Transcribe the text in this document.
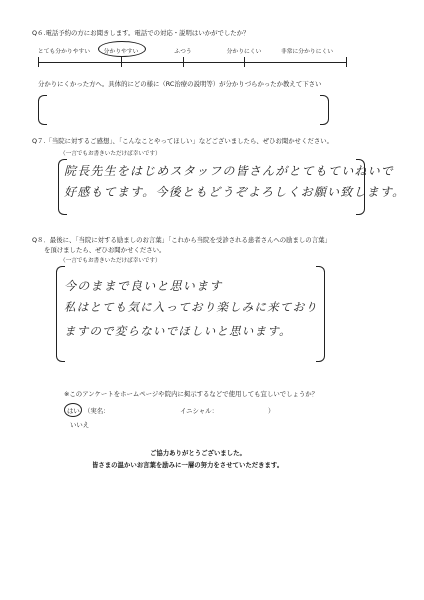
Q６.電話予約の方にお聞きします。電話での対応・説明はいかがでしたか？
とても分かりやすい 分かりやすい	ふつう	分かりにくい	非常に分かりにくい
分かりにくかった方へ。具体的にどの様に（RC治療の説明等）が分かりづらかったか教えて下さい
Q７.「当院に対するご感想」、「こんなことやってほしい」などございましたら、ぜひお聞かせください。
（一言でもお書きいただけば幸いです）
院長先生をはじめスタッフの皆さんがとてもていねいで
好感もてます。今後ともどうぞよろしくお願い致します。
Q８．最後に、「当院に対する励ましのお言葉」「これから当院を受診される患者さんへの励ましの言葉」
を頂けましたら、ぜひお聞かせください。
（一言でもお書きいただけば幸いです）
今のままで良いと思います
私はとても気に入っており楽しみに来ており
ますので変らないでほしいと思います。
※このアンケートをホームページや院内に掲示するなどで使用しても宜しいでしょうか？
はい （実名：	イニシャル：	）
いいえ
ご協力ありがとうございました。
皆さまの温かいお言葉を励みに一層の努力をさせていただきます。
